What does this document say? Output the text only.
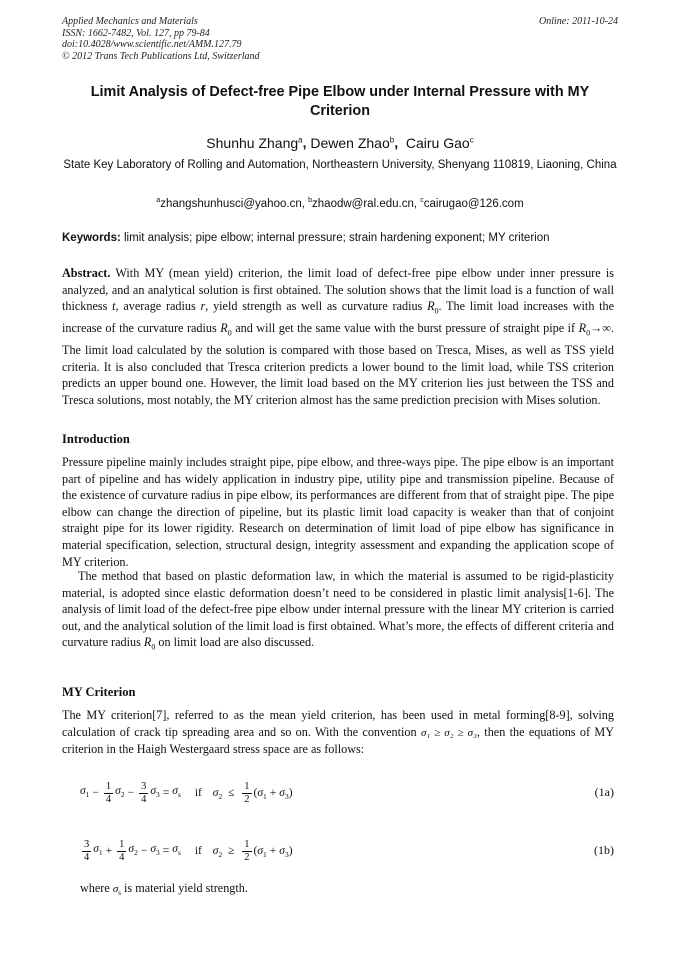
Applied Mechanics and Materials
ISSN: 1662-7482, Vol. 127, pp 79-84
doi:10.4028/www.scientific.net/AMM.127.79
© 2012 Trans Tech Publications Ltd, Switzerland
Online: 2011-10-24
Limit Analysis of Defect-free Pipe Elbow under Internal Pressure with MY Criterion
Shunhu Zhang$^a$, Dewen Zhao$^b$, Cairu Gao$^c$
State Key Laboratory of Rolling and Automation, Northeastern University, Shenyang 110819, Liaoning, China
$^a$zhangshunhusci@yahoo.cn, $^b$zhaodw@ral.edu.cn, $^c$cairugao@126.com
Keywords: limit analysis; pipe elbow; internal pressure; strain hardening exponent; MY criterion
Abstract. With MY (mean yield) criterion, the limit load of defect-free pipe elbow under inner pressure is analyzed, and an analytical solution is first obtained. The solution shows that the limit load is a function of wall thickness t, average radius r, yield strength as well as curvature radius $R_0$. The limit load increases with the increase of the curvature radius $R_0$ and will get the same value with the burst pressure of straight pipe if $R_0\to\infty$. The limit load calculated by the solution is compared with those based on Tresca, Mises, as well as TSS yield criteria. It is also concluded that Tresca criterion predicts a lower bound to the limit load, while TSS criterion predicts an upper bound one. However, the limit load based on the MY criterion lies just between the TSS and Tresca solutions, most notably, the MY criterion almost has the same prediction precision with Mises solution.
Introduction
Pressure pipeline mainly includes straight pipe, pipe elbow, and three-ways pipe. The pipe elbow is an important part of pipeline and has widely application in industry pipe, utility pipe and transmission pipeline. Because of the existence of curvature radius in pipe elbow, its performances are different from that of straight pipe. The pipe elbow can change the direction of pipeline, but its plastic limit load capacity is weaker than that of conjoint straight pipe for its lower rigidity. Research on determination of limit load of pipe elbow has significance in material specification, selection, structural design, integrity assessment and expanding the application scope of MY criterion.
The method that based on plastic deformation law, in which the material is assumed to be rigid-plasticity material, is adopted since elastic deformation doesn’t need to be considered in plastic limit analysis[1-6]. The analysis of limit load of the defect-free pipe elbow under internal pressure with the linear MY criterion is carried out, and the analytical solution of the limit load is first obtained. What’s more, the effects of different criteria and curvature radius $R_0$ on limit load are also discussed.
MY Criterion
The MY criterion[7], referred to as the mean yield criterion, has been used in metal forming[8-9], solving calculation of crack tip spreading area and so on. With the convention σ₁ ≥ σ₂ ≥ σ₃, then the equations of MY criterion in the Haigh Westergaard stress space are as follows:
$\sigma_1 - \frac{1}{4} \sigma_2 - \frac{3}{4} \sigma_3 = \sigma_s$ if $\sigma_2 \le \frac{1}{2} (\sigma_1 + \sigma_3)$	(1a)
$\frac{3}{4} \sigma_1 + \frac{1}{4} \sigma_2 - \sigma_3 = \sigma_s$ if $\sigma_2 \ge \frac{1}{2} (\sigma_1 + \sigma_3)$	(1b)
where $\sigma_s$ is material yield strength.
